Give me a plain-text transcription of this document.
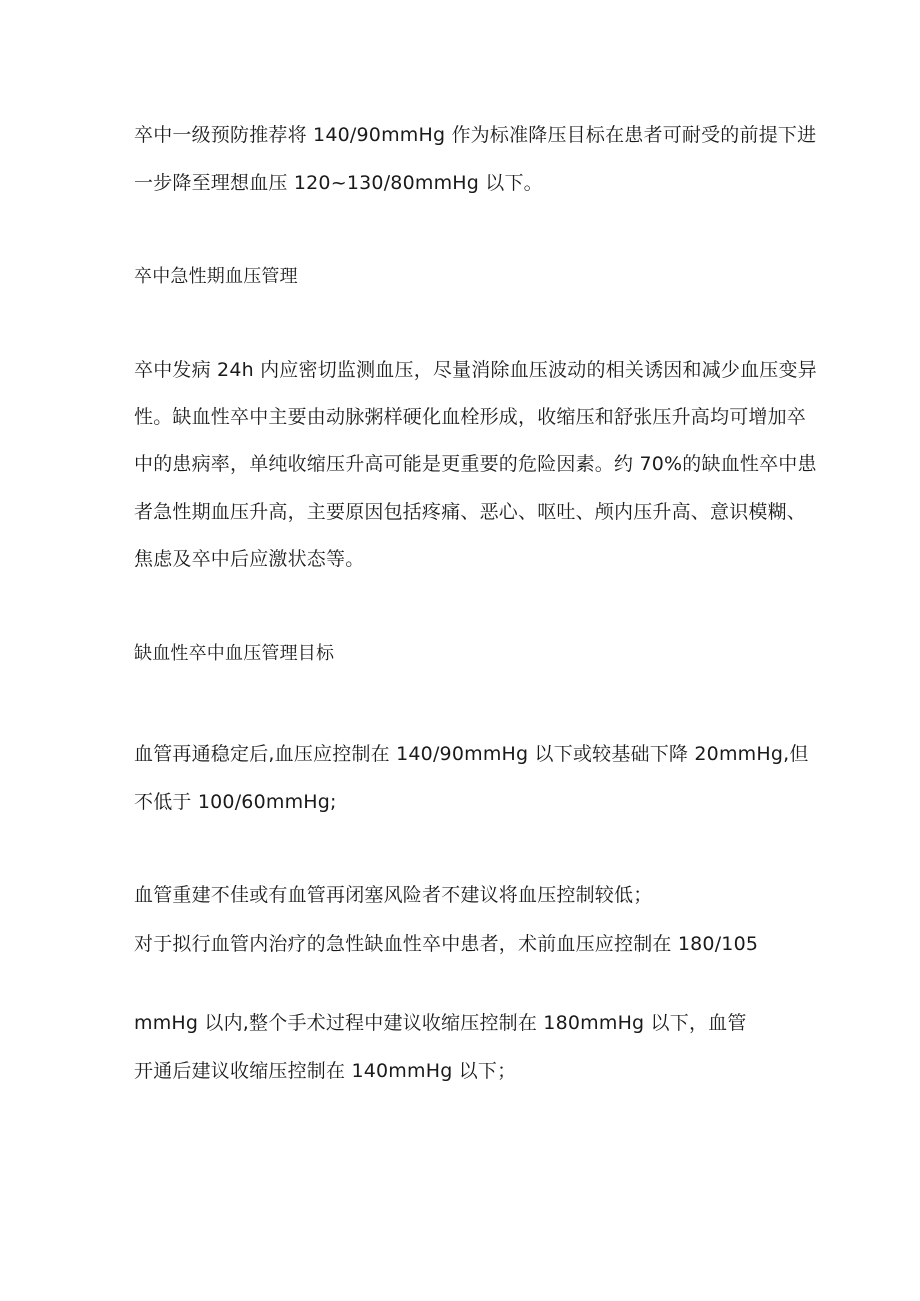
卒中一级预防推荐将 140/90mmHg 作为标准降压目标在患者可耐受的前提下进

一步降至理想血压 120~130∕80mmHg 以下。

卒中急性期血压管理

卒中发病 24h 内应密切监测血压，尽量消除血压波动的相关诱因和减少血压变异

性。缺血性卒中主要由动脉粥样硬化血栓形成，收缩压和舒张压升高均可增加卒

中的患病率，单纯收缩压升高可能是更重要的危险因素。约 70%的缺血性卒中患

者急性期血压升高，主要原因包括疼痛、恶心、呕吐、颅内压升高、意识模糊、

焦虑及卒中后应激状态等。

缺血性卒中血压管理目标

血管再通稳定后,血压应控制在 140/90mmHg 以下或较基础下降 20mmHg,但

不低于 100/60mmHg;

血管重建不佳或有血管再闭塞风险者不建议将血压控制较低；

对于拟行血管内治疗的急性缺血性卒中患者，术前血压应控制在 180/105

mmHg 以内,整个手术过程中建议收缩压控制在 180mmHg 以下，血管

开通后建议收缩压控制在 140mmHg 以下；
